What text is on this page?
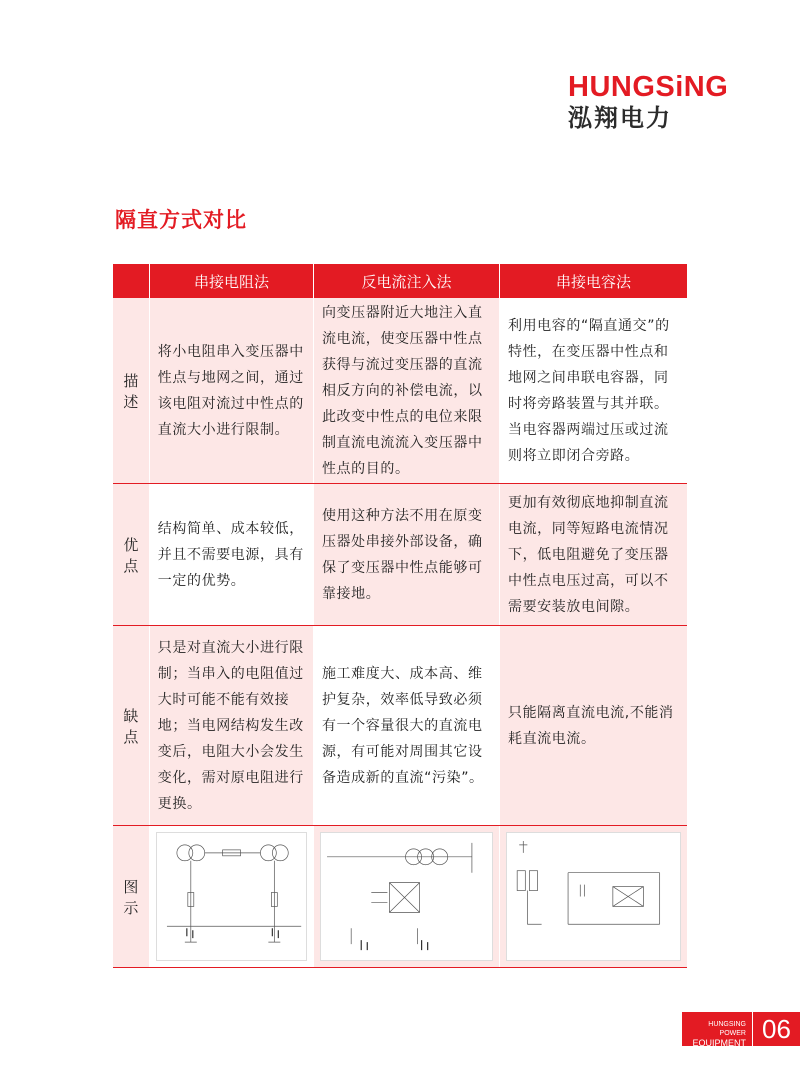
HUNGSiNG
泓翔电力
隔直方式对比
串接电阻法	反电流注入法	串接电容法
描述
将小电阻串入变压器中性点与地网之间，通过该电阻对流过中性点的直流大小进行限制。
向变压器附近大地注入直流电流，使变压器中性点获得与流过变压器的直流相反方向的补偿电流，以此改变中性点的电位来限制直流电流流入变压器中性点的目的。
利用电容的“隔直通交”的特性，在变压器中性点和地网之间串联电容器，同时将旁路装置与其并联。当电容器两端过压或过流则将立即闭合旁路。
优点
结构简单、成本较低，并且不需要电源，具有一定的优势。
使用这种方法不用在原变压器处串接外部设备，确保了变压器中性点能够可靠接地。
更加有效彻底地抑制直流电流，同等短路电流情况下，低电阻避免了变压器中性点电压过高，可以不需要安装放电间隙。
缺点
只是对直流大小进行限制；当串入的电阻值过大时可能不能有效接地；当电网结构发生改变后，电阻大小会发生变化，需对原电阻进行更换。
施工难度大、成本高、维护复杂，效率低导致必须有一个容量很大的直流电源，有可能对周围其它设备造成新的直流“污染”。
只能隔离直流电流,不能消耗直流电流。
图示
HUNGSING POWER
EQUIPMENT 06
